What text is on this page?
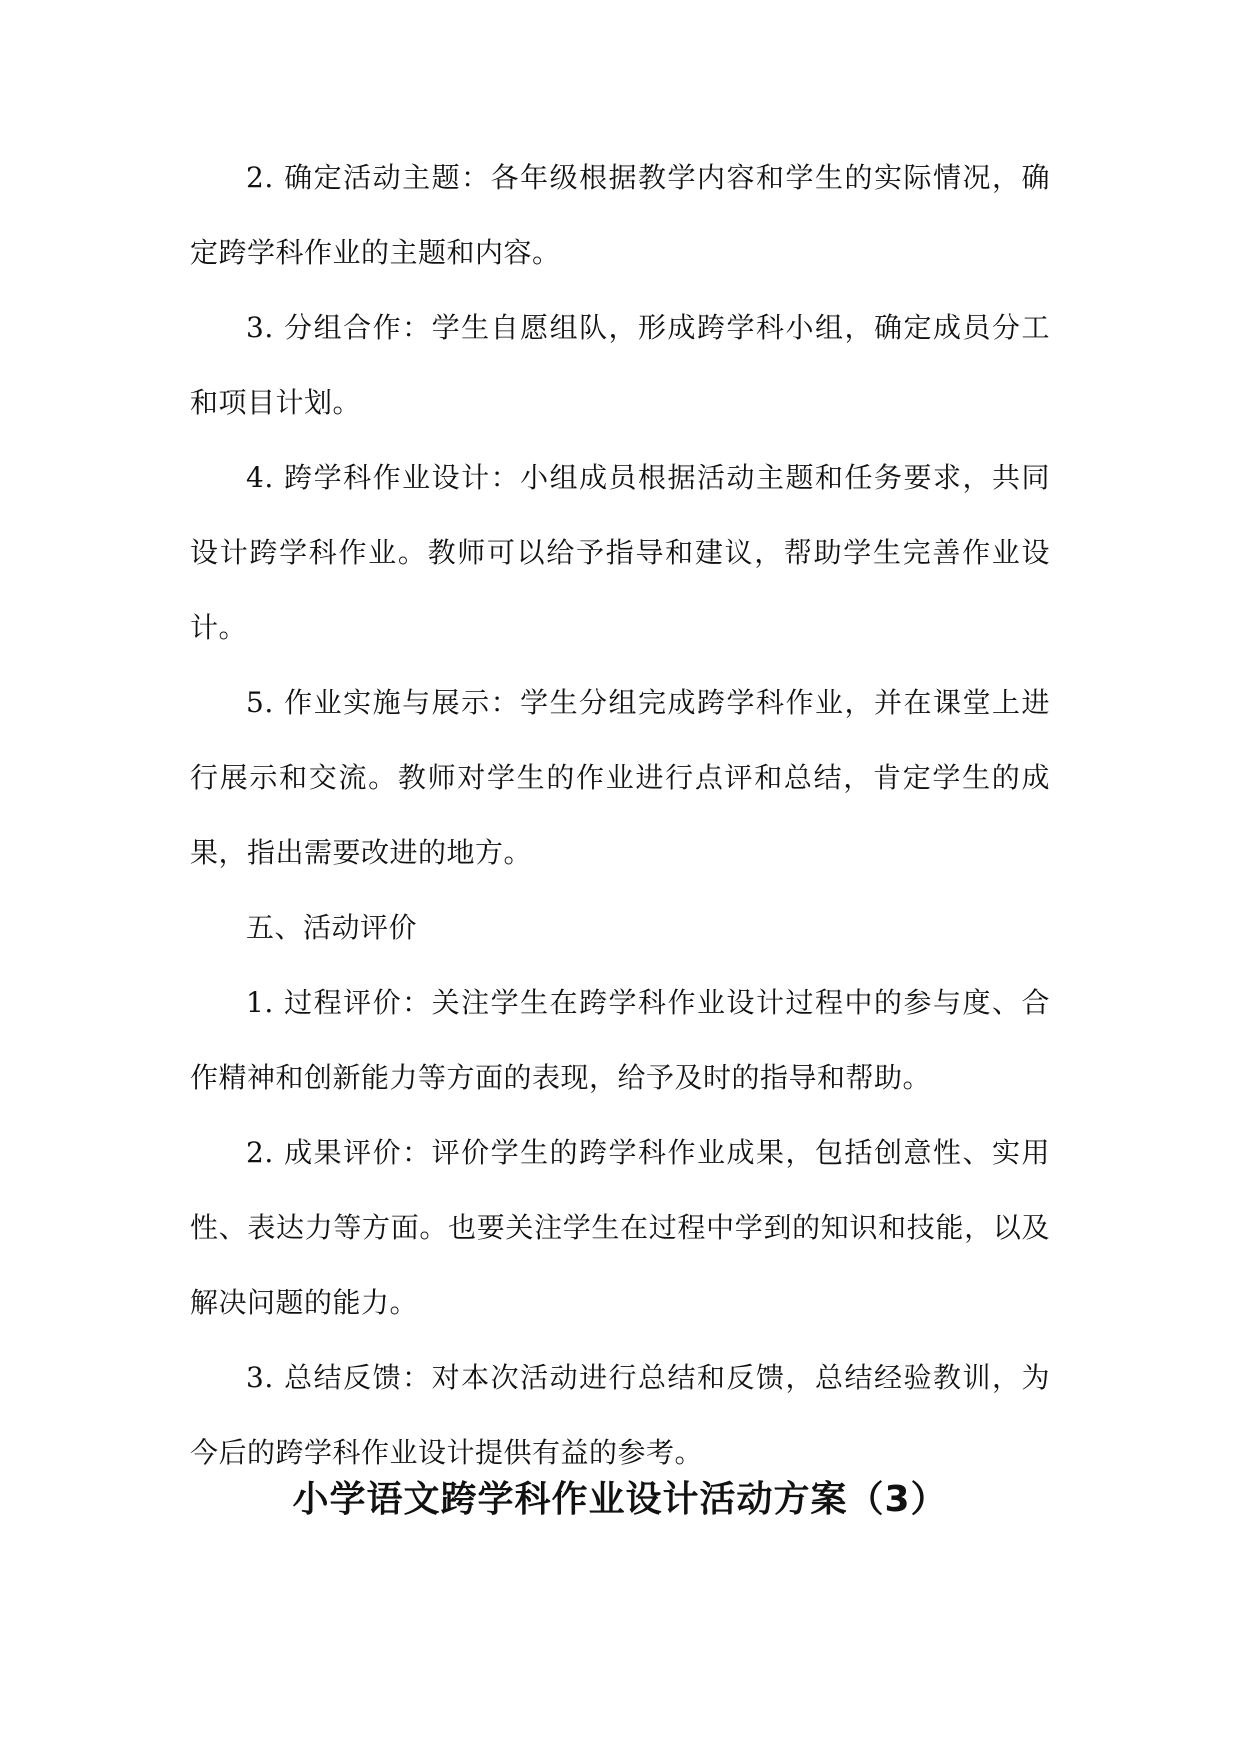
2. 确定活动主题：各年级根据教学内容和学生的实际情况，确定跨学科作业的主题和内容。

3. 分组合作：学生自愿组队，形成跨学科小组，确定成员分工和项目计划。

4. 跨学科作业设计：小组成员根据活动主题和任务要求，共同设计跨学科作业。教师可以给予指导和建议，帮助学生完善作业设计。

5. 作业实施与展示：学生分组完成跨学科作业，并在课堂上进行展示和交流。教师对学生的作业进行点评和总结，肯定学生的成果，指出需要改进的地方。

五、活动评价

1. 过程评价：关注学生在跨学科作业设计过程中的参与度、合作精神和创新能力等方面的表现，给予及时的指导和帮助。

2. 成果评价：评价学生的跨学科作业成果，包括创意性、实用性、表达力等方面。也要关注学生在过程中学到的知识和技能，以及解决问题的能力。

3. 总结反馈：对本次活动进行总结和反馈，总结经验教训，为今后的跨学科作业设计提供有益的参考。

小学语文跨学科作业设计活动方案（3）
